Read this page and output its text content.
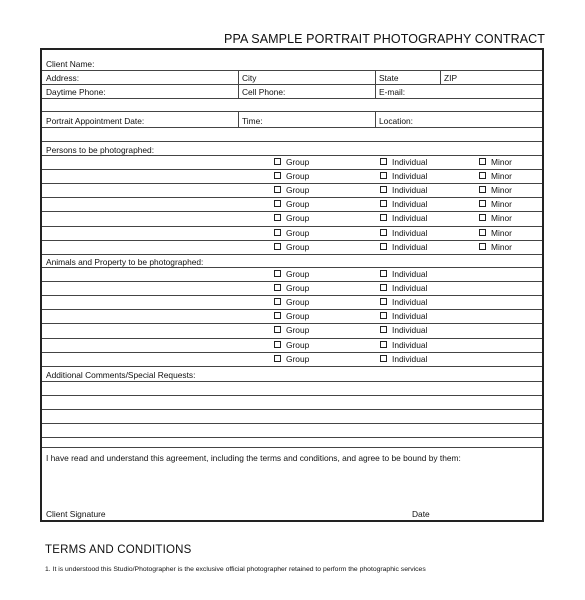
PPA SAMPLE PORTRAIT PHOTOGRAPHY CONTRACT
Client Name:
Address:	City	State	ZIP
Daytime Phone:	Cell Phone:	E-mail:
Portrait Appointment Date:	Time:	Location:
Persons to be photographed:
Group	Individual	Minor
Group	Individual	Minor
Group	Individual	Minor
Group	Individual	Minor
Group	Individual	Minor
Group	Individual	Minor
Group	Individual	Minor
Animals and Property to be photographed:
Group	Individual
Group	Individual
Group	Individual
Group	Individual
Group	Individual
Group	Individual
Group	Individual
Additional Comments/Special Requests:
I have read and understand this agreement, including the terms and conditions, and agree to be bound by them:
Client Signature	Date
TERMS AND CONDITIONS
1. It is understood this Studio/Photographer is the exclusive official photographer retained to perform the photographic services
